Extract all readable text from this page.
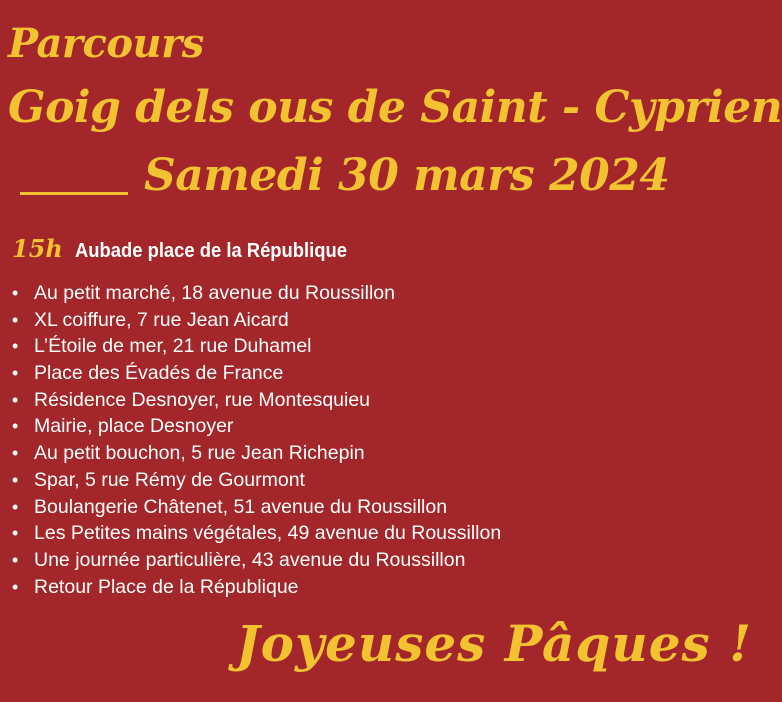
Parcours
Goig dels ous de Saint - Cyprien
Samedi 30 mars 2024
15h Aubade place de la République
• Au petit marché, 18 avenue du Roussillon
• XL coiffure, 7 rue Jean Aicard
• L’Étoile de mer, 21 rue Duhamel
• Place des Évadés de France
• Résidence Desnoyer, rue Montesquieu
• Mairie, place Desnoyer
• Au petit bouchon, 5 rue Jean Richepin
• Spar, 5 rue Rémy de Gourmont
• Boulangerie Châtenet, 51 avenue du Roussillon
• Les Petites mains végétales, 49 avenue du Roussillon
• Une journée particulière, 43 avenue du Roussillon
• Retour Place de la République
Joyeuses Pâques !
